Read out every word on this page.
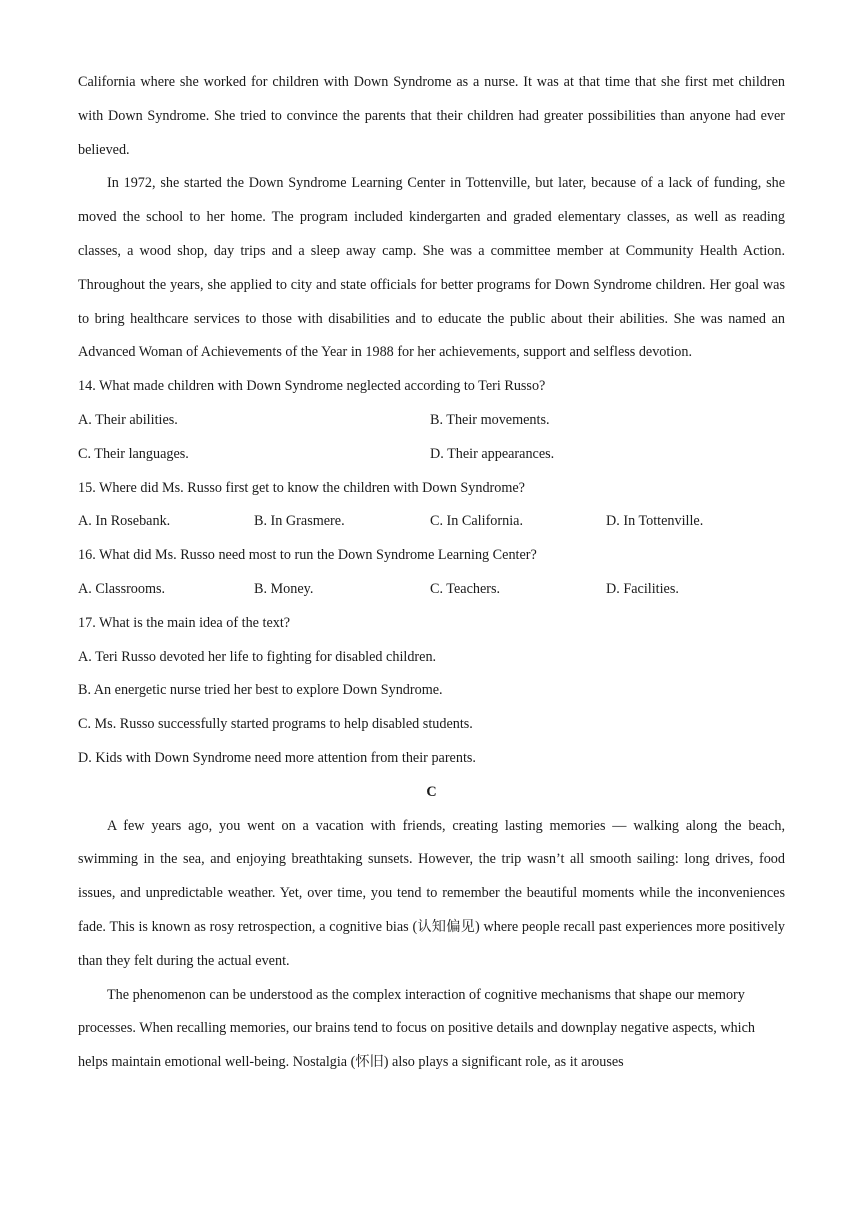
California where she worked for children with Down Syndrome as a nurse. It was at that time that she first met children with Down Syndrome. She tried to convince the parents that their children had greater possibilities than anyone had ever believed.

In 1972, she started the Down Syndrome Learning Center in Tottenville, but later, because of a lack of funding, she moved the school to her home. The program included kindergarten and graded elementary classes, as well as reading classes, a wood shop, day trips and a sleep away camp. She was a committee member at Community Health Action. Throughout the years, she applied to city and state officials for better programs for Down Syndrome children. Her goal was to bring healthcare services to those with disabilities and to educate the public about their abilities. She was named an Advanced Woman of Achievements of the Year in 1988 for her achievements, support and selfless devotion.

14. What made children with Down Syndrome neglected according to Teri Russo?

A. Their abilities.	B. Their movements.
C. Their languages.	D. Their appearances.

15. Where did Ms. Russo first get to know the children with Down Syndrome?

A. In Rosebank.	B. In Grasmere.	C. In California.	D. In Tottenville.

16. What did Ms. Russo need most to run the Down Syndrome Learning Center?

A. Classrooms.	B. Money.	C. Teachers.	D. Facilities.

17. What is the main idea of the text?

A. Teri Russo devoted her life to fighting for disabled children.

B. An energetic nurse tried her best to explore Down Syndrome.

C. Ms. Russo successfully started programs to help disabled students.

D. Kids with Down Syndrome need more attention from their parents.

C

A few years ago, you went on a vacation with friends, creating lasting memories — walking along the beach, swimming in the sea, and enjoying breathtaking sunsets. However, the trip wasn’t all smooth sailing: long drives, food issues, and unpredictable weather. Yet, over time, you tend to remember the beautiful moments while the inconveniences fade. This is known as rosy retrospection, a cognitive bias (认知偏见) where people recall past experiences more positively than they felt during the actual event.

The phenomenon can be understood as the complex interaction of cognitive mechanisms that shape our memory processes. When recalling memories, our brains tend to focus on positive details and downplay negative aspects, which helps maintain emotional well-being. Nostalgia (怀旧) also plays a significant role, as it arouses
